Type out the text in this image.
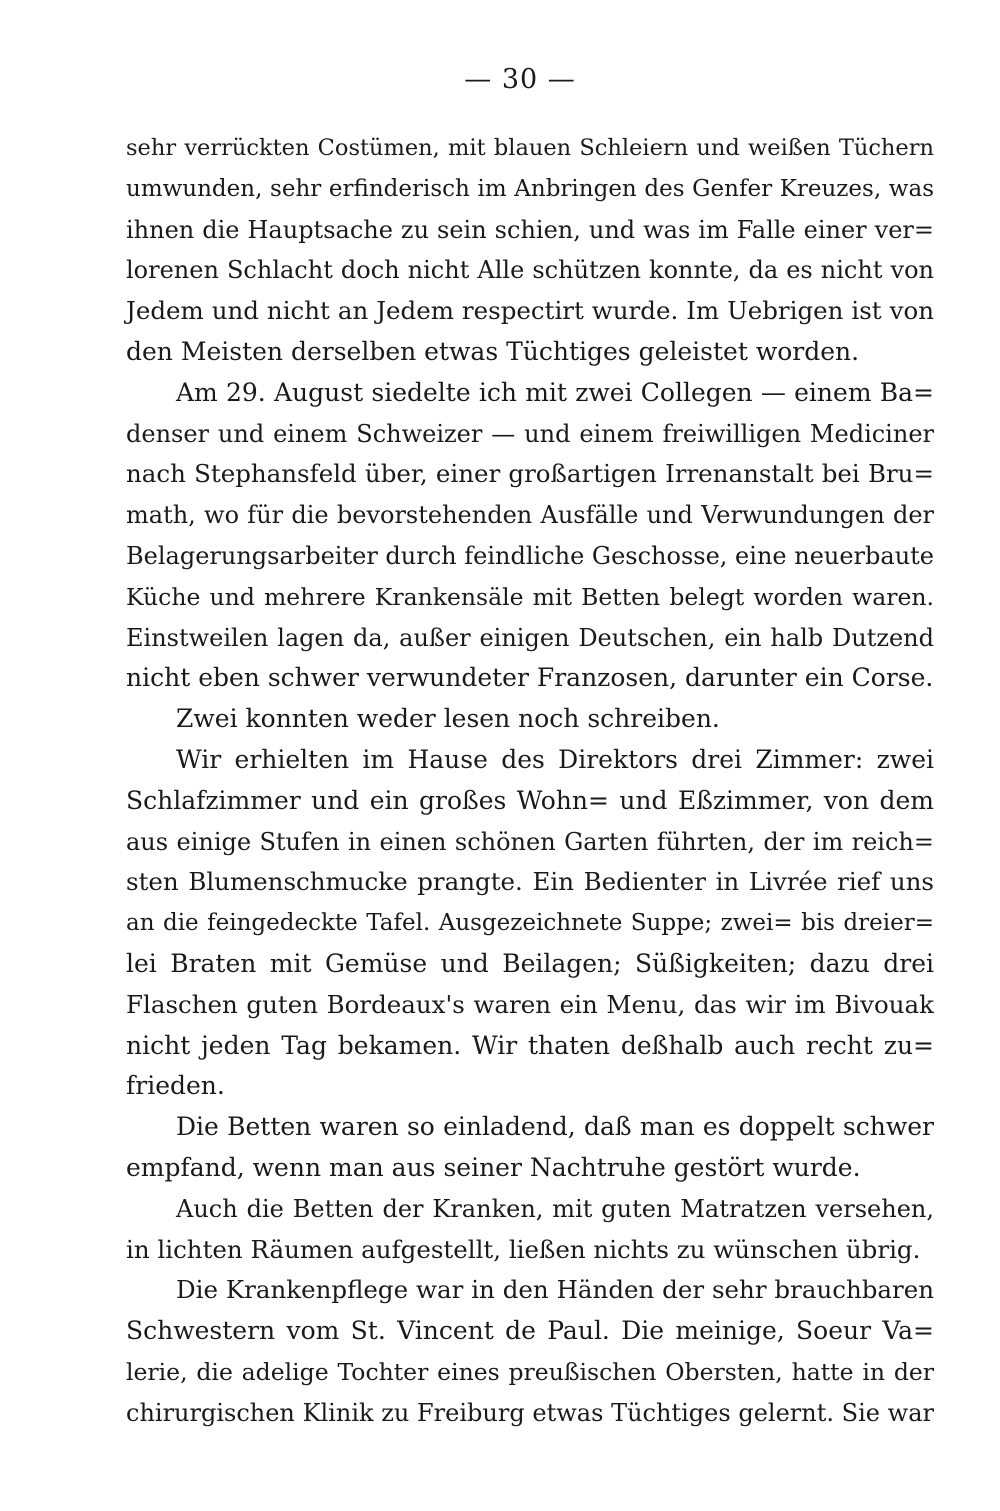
— 30 —
sehr verrückten Costümen, mit blauen Schleiern und weißen Tüchern
umwunden, sehr erfinderisch im Anbringen des Genfer Kreuzes, was
ihnen die Hauptsache zu sein schien, und was im Falle einer ver=
lorenen Schlacht doch nicht Alle schützen konnte, da es nicht von
Jedem und nicht an Jedem respectirt wurde. Im Uebrigen ist von
den Meisten derselben etwas Tüchtiges geleistet worden.
Am 29. August siedelte ich mit zwei Collegen — einem Ba=
denser und einem Schweizer — und einem freiwilligen Mediciner
nach Stephansfeld über, einer großartigen Irrenanstalt bei Bru=
math, wo für die bevorstehenden Ausfälle und Verwundungen der
Belagerungsarbeiter durch feindliche Geschosse, eine neuerbaute
Küche und mehrere Krankensäle mit Betten belegt worden waren.
Einstweilen lagen da, außer einigen Deutschen, ein halb Dutzend
nicht eben schwer verwundeter Franzosen, darunter ein Corse.
Zwei konnten weder lesen noch schreiben.
Wir erhielten im Hause des Direktors drei Zimmer: zwei
Schlafzimmer und ein großes Wohn= und Eßzimmer, von dem
aus einige Stufen in einen schönen Garten führten, der im reich=
sten Blumenschmucke prangte. Ein Bedienter in Livrée rief uns
an die feingedeckte Tafel. Ausgezeichnete Suppe; zwei= bis dreier=
lei Braten mit Gemüse und Beilagen; Süßigkeiten; dazu drei
Flaschen guten Bordeaux's waren ein Menu, das wir im Bivouak
nicht jeden Tag bekamen. Wir thaten deßhalb auch recht zu=
frieden.
Die Betten waren so einladend, daß man es doppelt schwer
empfand, wenn man aus seiner Nachtruhe gestört wurde.
Auch die Betten der Kranken, mit guten Matratzen versehen,
in lichten Räumen aufgestellt, ließen nichts zu wünschen übrig.
Die Krankenpflege war in den Händen der sehr brauchbaren
Schwestern vom St. Vincent de Paul. Die meinige, Soeur Va=
lerie, die adelige Tochter eines preußischen Obersten, hatte in der
chirurgischen Klinik zu Freiburg etwas Tüchtiges gelernt. Sie war
